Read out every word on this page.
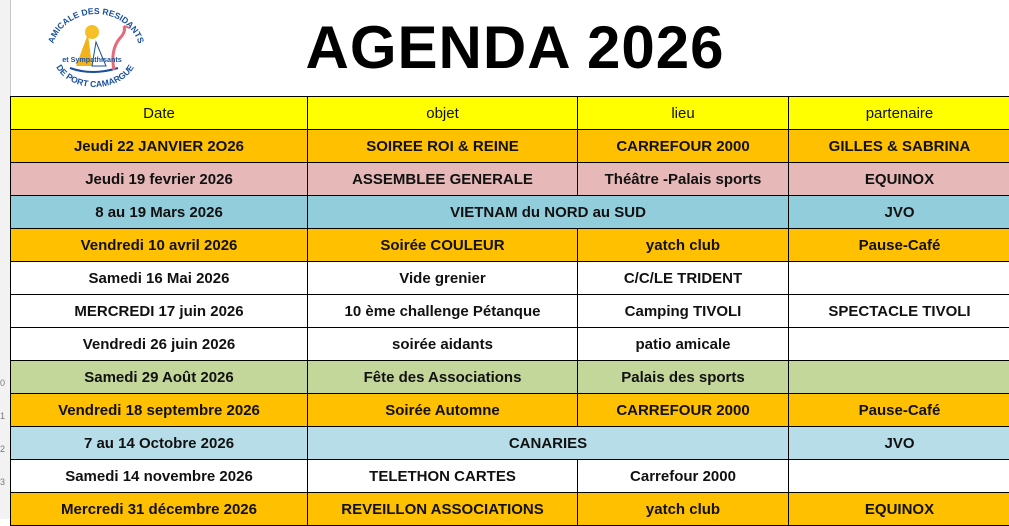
0
1
2
3
AMICALE DES RESIDANTS
et Sympathisants
DE PORT CAMARGUE	AGENDA 2026
Date	objet	lieu	partenaire
Jeudi 22 JANVIER 2O26	SOIREE ROI & REINE	CARREFOUR 2000	GILLES & SABRINA
Jeudi 19 fevrier 2026	ASSEMBLEE GENERALE	Théâtre -Palais sports	EQUINOX
8 au 19 Mars 2026	VIETNAM du NORD au SUD		JVO
Vendredi 10 avril 2026	Soirée COULEUR	yatch club	Pause-Café
Samedi 16 Mai 2026	Vide grenier	C/C/LE TRIDENT	
MERCREDI 17 juin 2026	10 ème challenge Pétanque	Camping TIVOLI	SPECTACLE TIVOLI
Vendredi 26 juin 2026	soirée aidants	patio amicale	
Samedi 29 Août 2026	Fête des Associations	Palais des sports	
Vendredi 18 septembre 2026	Soirée Automne	CARREFOUR 2000	Pause-Café
7 au 14 Octobre 2026	CANARIES		JVO
Samedi 14 novembre 2026	TELETHON CARTES	Carrefour 2000	
Mercredi 31 décembre 2026	REVEILLON ASSOCIATIONS	yatch club	EQUINOX
